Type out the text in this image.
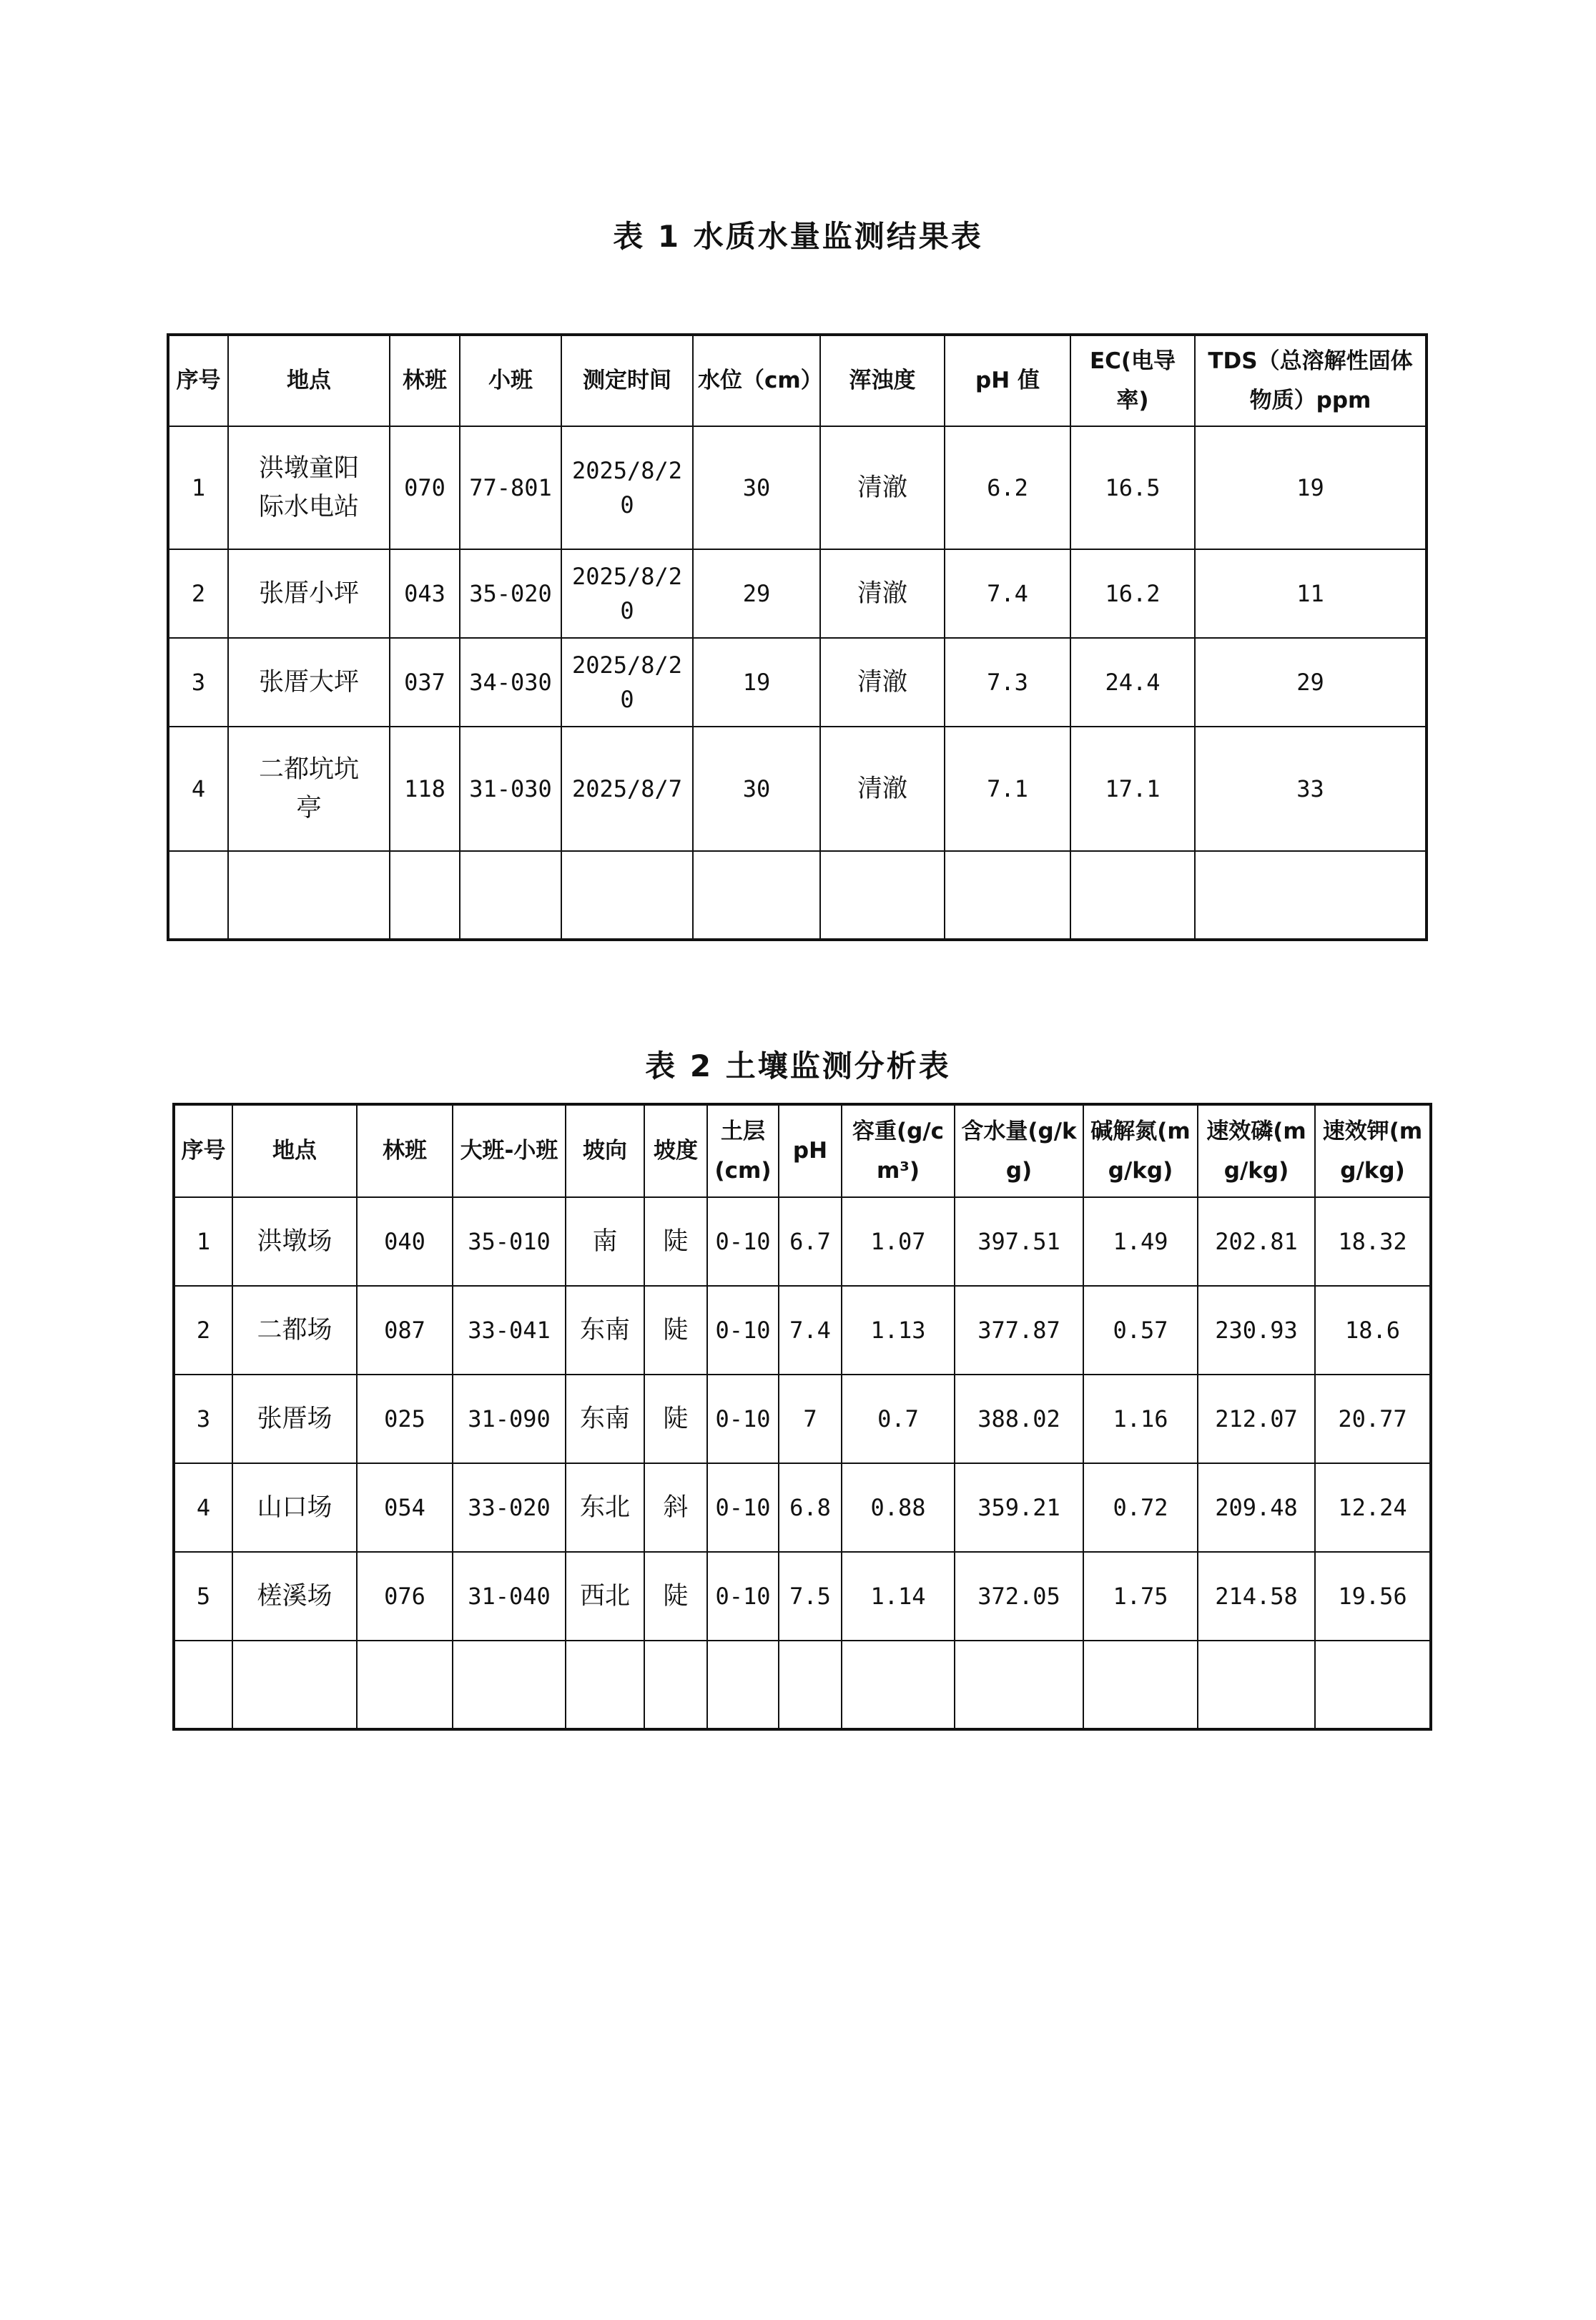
表 1 水质水量监测结果表
序号	地点	林班	小班	测定时间	水位（cm）	浑浊度	pH 值	EC(电导率)	TDS（总溶解性固体物质）ppm
1	洪墩童阳际水电站	070	77-801	2025/8/20	30	清澈	6.2	16.5	19
2	张厝小坪	043	35-020	2025/8/20	29	清澈	7.4	16.2	11
3	张厝大坪	037	34-030	2025/8/20	19	清澈	7.3	24.4	29
4	二都坑坑亭	118	31-030	2025/8/7	30	清澈	7.1	17.1	33

表 2 土壤监测分析表
序号	地点	林班	大班-小班	坡向	坡度	土层(cm)	pH	容重(g/cm³)	含水量(g/kg)	碱解氮(mg/kg)	速效磷(mg/kg)	速效钾(mg/kg)
1	洪墩场	040	35-010	南	陡	0-10	6.7	1.07	397.51	1.49	202.81	18.32
2	二都场	087	33-041	东南	陡	0-10	7.4	1.13	377.87	0.57	230.93	18.6
3	张厝场	025	31-090	东南	陡	0-10	7	0.7	388.02	1.16	212.07	20.77
4	山口场	054	33-020	东北	斜	0-10	6.8	0.88	359.21	0.72	209.48	12.24
5	槎溪场	076	31-040	西北	陡	0-10	7.5	1.14	372.05	1.75	214.58	19.56
